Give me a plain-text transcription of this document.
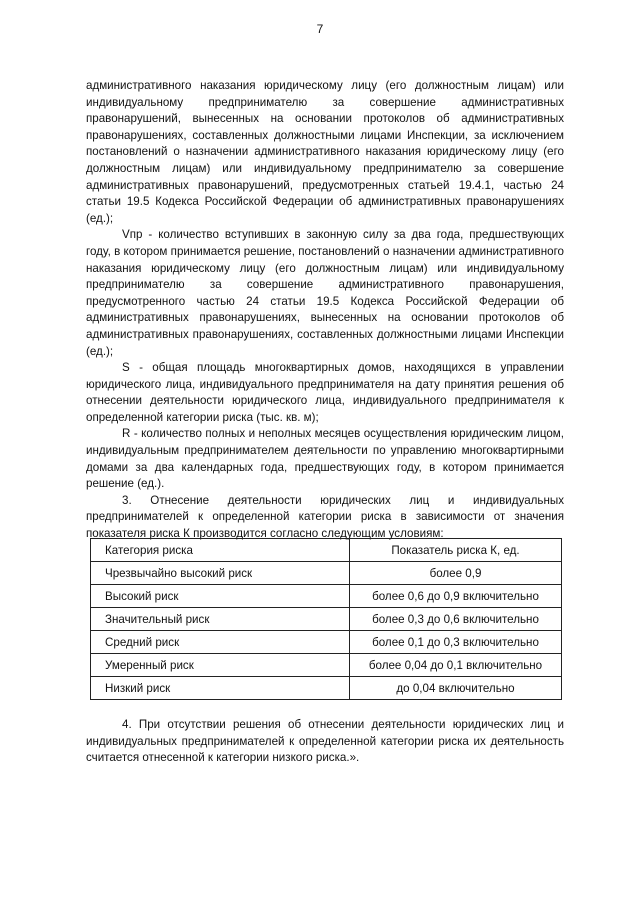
7

административного наказания юридическому лицу (его должностным лицам) или индивидуальному предпринимателю за совершение административных правонарушений, вынесенных на основании протоколов об административных правонарушениях, составленных должностными лицами Инспекции, за исключением постановлений о назначении административного наказания юридическому лицу (его должностным лицам) или индивидуальному предпринимателю за совершение административных правонарушений, предусмотренных статьей 19.4.1, частью 24 статьи 19.5 Кодекса Российской Федерации об административных правонарушениях (ед.);

Vпр - количество вступивших в законную силу за два года, предшествующих году, в котором принимается решение, постановлений о назначении административного наказания юридическому лицу (его должностным лицам) или индивидуальному предпринимателю за совершение административного правонарушения, предусмотренного частью 24 статьи 19.5 Кодекса Российской Федерации об административных правонарушениях, вынесенных на основании протоколов об административных правонарушениях, составленных должностными лицами Инспекции (ед.);

S - общая площадь многоквартирных домов, находящихся в управлении юридического лица, индивидуального предпринимателя на дату принятия решения об отнесении деятельности юридического лица, индивидуального предпринимателя к определенной категории риска (тыс. кв. м);

R - количество полных и неполных месяцев осуществления юридическим лицом, индивидуальным предпринимателем деятельности по управлению многоквартирными домами за два календарных года, предшествующих году, в котором принимается решение (ед.).

3. Отнесение деятельности юридических лиц и индивидуальных предпринимателей к определенной категории риска в зависимости от значения показателя риска К производится согласно следующим условиям:

Категория риска	Показатель риска К, ед.
Чрезвычайно высокий риск	более 0,9
Высокий риск	более 0,6 до 0,9 включительно
Значительный риск	более 0,3 до 0,6 включительно
Средний риск	более 0,1 до 0,3 включительно
Умеренный риск	более 0,04 до 0,1 включительно
Низкий риск	до 0,04 включительно

4. При отсутствии решения об отнесении деятельности юридических лиц и индивидуальных предпринимателей к определенной категории риска их деятельность считается отнесенной к категории низкого риска.».
